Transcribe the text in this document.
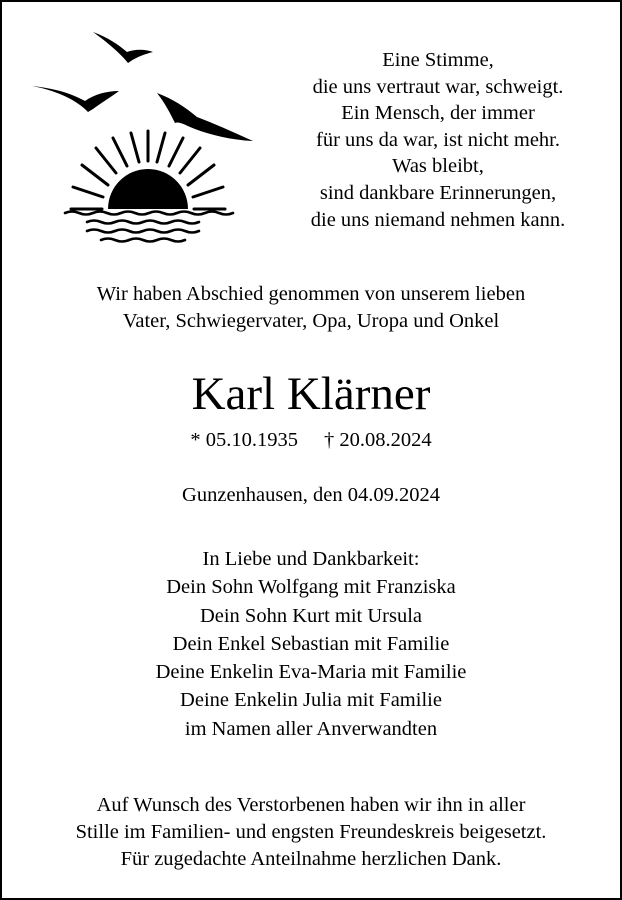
Eine Stimme,
die uns vertraut war, schweigt.
Ein Mensch, der immer
für uns da war, ist nicht mehr.
Was bleibt,
sind dankbare Erinnerungen,
die uns niemand nehmen kann.
Wir haben Abschied genommen von unserem lieben
Vater, Schwiegervater, Opa, Uropa und Onkel
Karl Klärner
* 05.10.1935 † 20.08.2024
Gunzenhausen, den 04.09.2024
In Liebe und Dankbarkeit:
Dein Sohn Wolfgang mit Franziska
Dein Sohn Kurt mit Ursula
Dein Enkel Sebastian mit Familie
Deine Enkelin Eva-Maria mit Familie
Deine Enkelin Julia mit Familie
im Namen aller Anverwandten
Auf Wunsch des Verstorbenen haben wir ihn in aller
Stille im Familien- und engsten Freundeskreis beigesetzt.
Für zugedachte Anteilnahme herzlichen Dank.
